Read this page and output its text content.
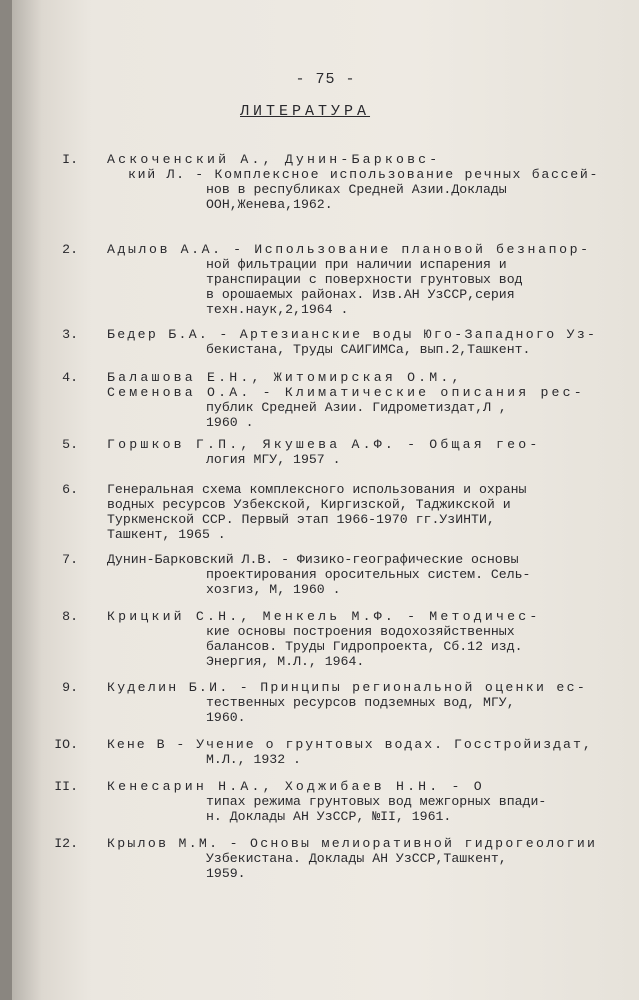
- 75 -
ЛИТЕРАТУРА
I. Аскоченский А., Дунин-Барковс-
кий Л. - Комплексное использование речных бассей-
нов в республиках Средней Азии.Доклады
ООН,Женева,1962.
2. Адылов А.А. - Использование плановой безнапор-
ной фильтрации при наличии испарения и
транспирации с поверхности грунтовых вод
в орошаемых районах. Изв.АН УзССР,серия
техн.наук,2,1964 .
3. Бедер Б.А. - Артезианские воды Юго-Западного Уз-
бекистана, Труды САИГИМСа, вып.2,Ташкент.
4. Балашова Е.Н., Житомирская О.М.,
Семенова О.А. - Климатические описания рес-
публик Средней Азии. Гидрометиздат,Л ,
1960 .
5. Горшков Г.П., Якушева А.Ф. - Общая гео-
логия МГУ, 1957 .
6. Генеральная схема комплексного использования и охраны
водных ресурсов Узбекской, Киргизской, Таджикской и
Туркменской ССР. Первый этап 1966-1970 гг.УзИНТИ,
Ташкент, 1965 .
7. Дунин-Барковский Л.В. - Физико-географические основы
проектирования оросительных систем. Сель-
хозгиз, М, 1960 .
8. Крицкий С.Н., Менкель М.Ф. - Методичес-
кие основы построения водохозяйственных
балансов. Труды Гидропроекта, Сб.12 изд.
Энергия, М.Л., 1964.
9. Куделин Б.И. - Принципы региональной оценки ес-
тественных ресурсов подземных вод, МГУ,
1960.
IO. Кене В - Учение о грунтовых водах. Госстройиздат,
М.Л., 1932 .
II. Кенесарин Н.А., Ходжибаев Н.Н. - О
типах режима грунтовых вод межгорных впади-
н. Доклады АН УзССР, №II, 1961.
I2. Крылов М.М. - Основы мелиоративной гидрогеологии
Узбекистана. Доклады АН УзССР,Ташкент,
1959.
